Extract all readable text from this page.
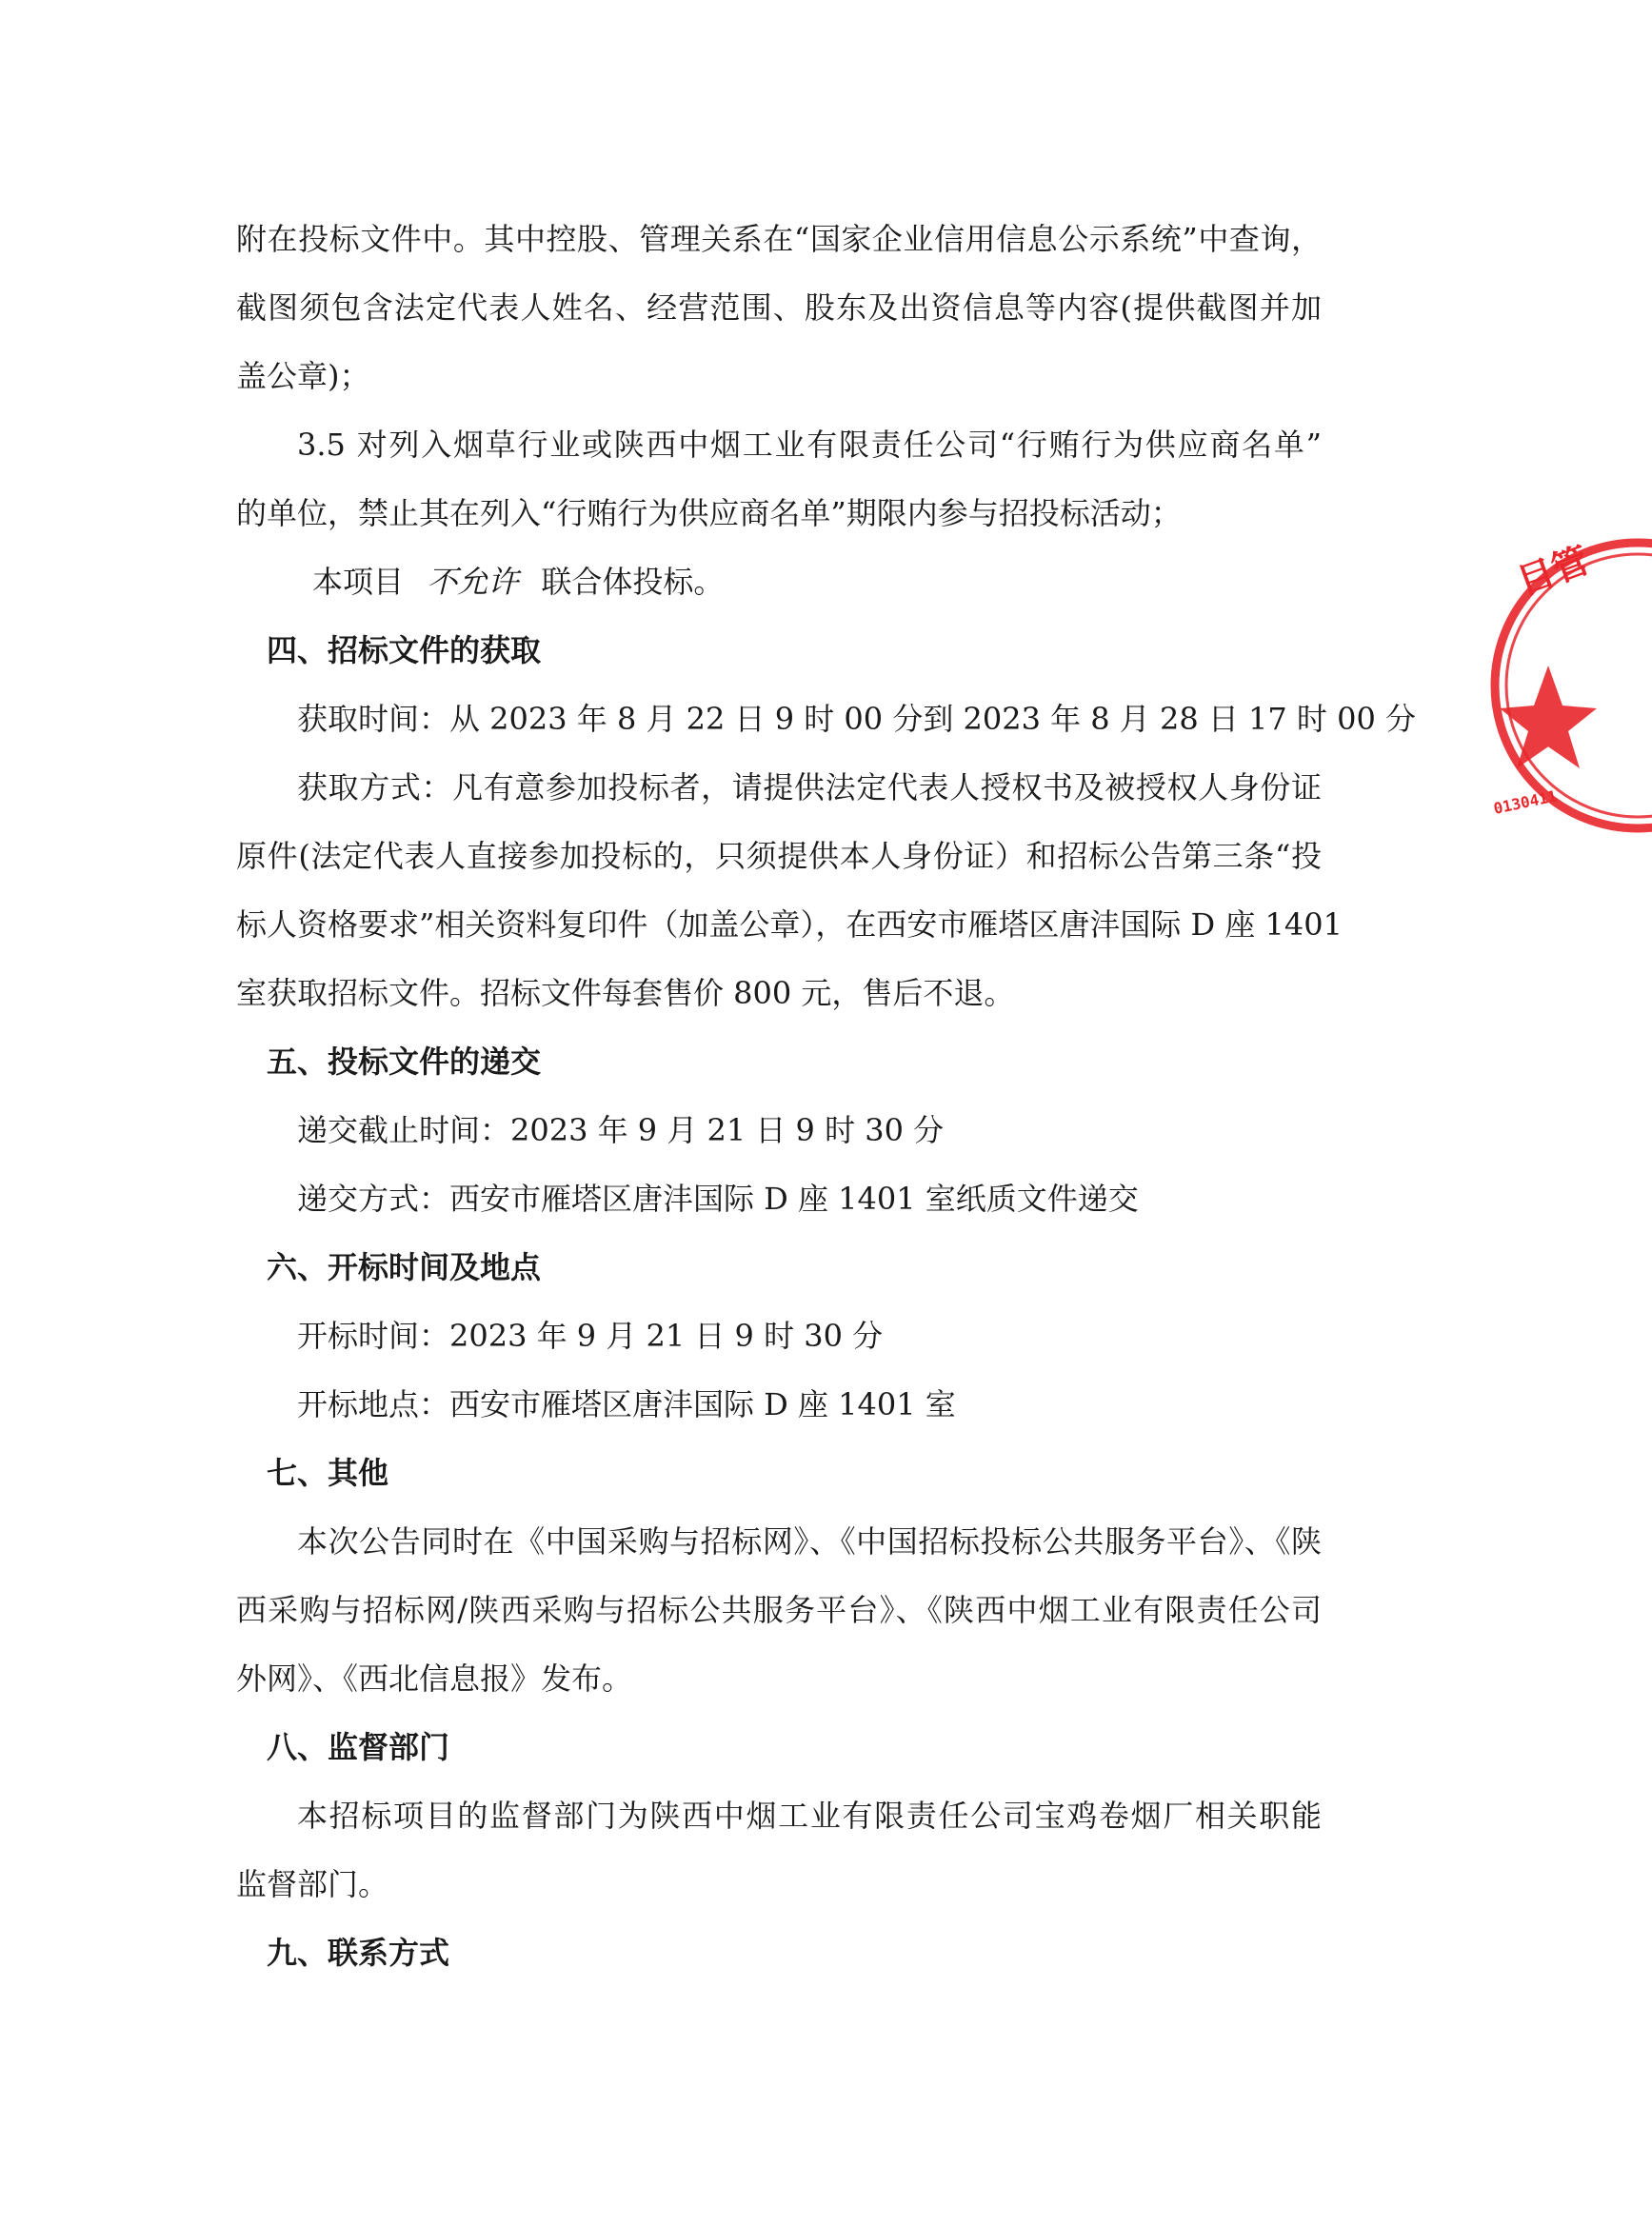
附在投标文件中。其中控股、管理关系在“国家企业信用信息公示系统”中查询，
截图须包含法定代表人姓名、经营范围、股东及出资信息等内容(提供截图并加
盖公章)；
3.5 对列入烟草行业或陕西中烟工业有限责任公司“行贿行为供应商名单”
的单位，禁止其在列入“行贿行为供应商名单”期限内参与招投标活动；
本项目 不允许 联合体投标。
四、招标文件的获取
获取时间：从 2023 年 8 月 22 日 9 时 00 分到 2023 年 8 月 28 日 17 时 00 分
获取方式：凡有意参加投标者，请提供法定代表人授权书及被授权人身份证
原件(法定代表人直接参加投标的，只须提供本人身份证）和招标公告第三条“投
标人资格要求”相关资料复印件（加盖公章），在西安市雁塔区唐沣国际 D 座 1401
室获取招标文件。招标文件每套售价 800 元，售后不退。
五、投标文件的递交
递交截止时间：2023 年 9 月 21 日 9 时 30 分
递交方式：西安市雁塔区唐沣国际 D 座 1401 室纸质文件递交
六、开标时间及地点
开标时间：2023 年 9 月 21 日 9 时 30 分
开标地点：西安市雁塔区唐沣国际 D 座 1401 室
七、其他
本次公告同时在《中国采购与招标网》、《中国招标投标公共服务平台》、《陕
西采购与招标网/陕西采购与招标公共服务平台》、《陕西中烟工业有限责任公司
外网》、《西北信息报》发布。
八、监督部门
本招标项目的监督部门为陕西中烟工业有限责任公司宝鸡卷烟厂相关职能
监督部门。
九、联系方式
目管
0130411
